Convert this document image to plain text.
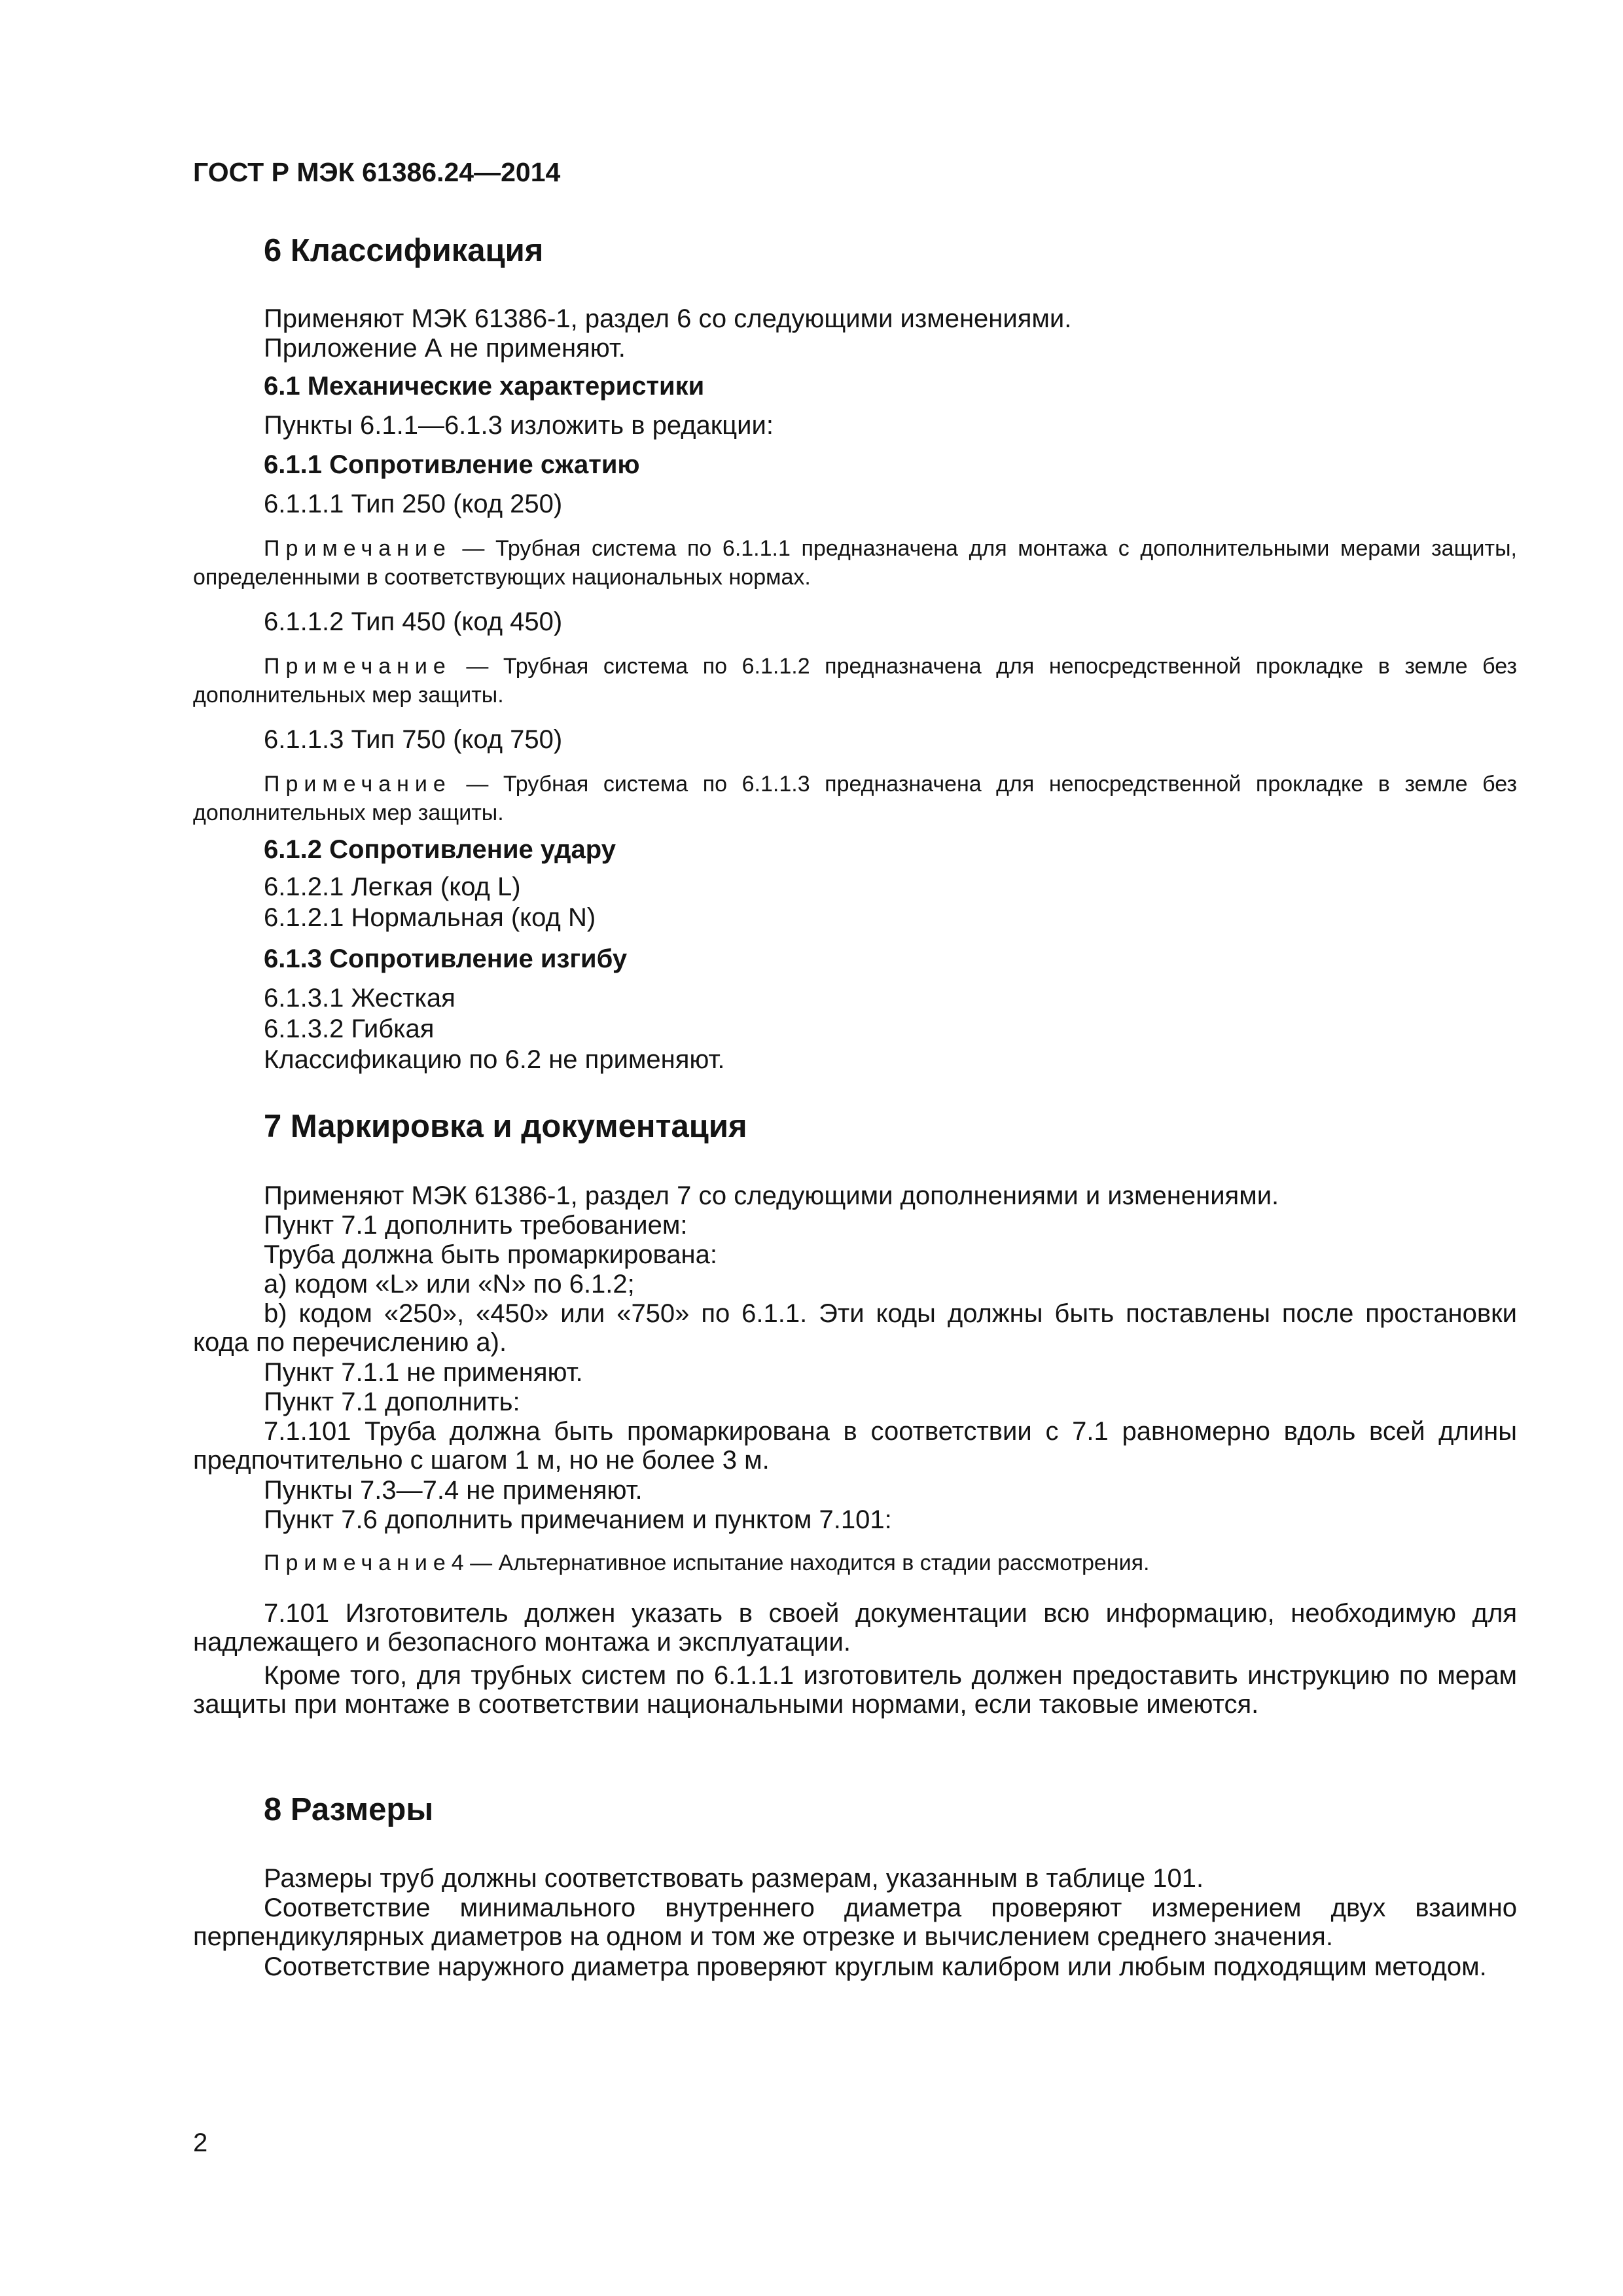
ГОСТ Р МЭК 61386.24—2014
6 Классификация
Применяют МЭК 61386-1, раздел 6 со следующими изменениями.
Приложение А не применяют.
6.1 Механические характеристики
Пункты 6.1.1—6.1.3 изложить в редакции:
6.1.1 Сопротивление сжатию
6.1.1.1 Тип 250 (код 250)
Примечание — Трубная система по 6.1.1.1 предназначена для монтажа с дополнительными мерами защиты, определенными в соответствующих национальных нормах.
6.1.1.2 Тип 450 (код 450)
Примечание — Трубная система по 6.1.1.2 предназначена для непосредственной прокладке в земле без дополнительных мер защиты.
6.1.1.3 Тип 750 (код 750)
Примечание — Трубная система по 6.1.1.3 предназначена для непосредственной прокладке в земле без дополнительных мер защиты.
6.1.2 Сопротивление удару
6.1.2.1 Легкая (код L)
6.1.2.1 Нормальная (код N)
6.1.3 Сопротивление изгибу
6.1.3.1 Жесткая
6.1.3.2 Гибкая
Классификацию по 6.2 не применяют.
7 Маркировка и документация
Применяют МЭК 61386-1, раздел 7 со следующими дополнениями и изменениями.
Пункт 7.1 дополнить требованием:
Труба должна быть промаркирована:
a) кодом «L» или «N» по 6.1.2;
b) кодом «250», «450» или «750» по 6.1.1. Эти коды должны быть поставлены после простановки кода по перечислению а).
Пункт 7.1.1 не применяют.
Пункт 7.1 дополнить:
7.1.101 Труба должна быть промаркирована в соответствии с 7.1 равномерно вдоль всей длины предпочтительно с шагом 1 м, но не более 3 м.
Пункты 7.3—7.4 не применяют.
Пункт 7.6 дополнить примечанием и пунктом 7.101:
Примечание4 — Альтернативное испытание находится в стадии рассмотрения.
7.101 Изготовитель должен указать в своей документации всю информацию, необходимую для надлежащего и безопасного монтажа и эксплуатации.
Кроме того, для трубных систем по 6.1.1.1 изготовитель должен предоставить инструкцию по мерам защиты при монтаже в соответствии национальными нормами, если таковые имеются.
8 Размеры
Размеры труб должны соответствовать размерам, указанным в таблице 101.
Соответствие минимального внутреннего диаметра проверяют измерением двух взаимно перпендикулярных диаметров на одном и том же отрезке и вычислением среднего значения.
Соответствие наружного диаметра проверяют круглым калибром или любым подходящим методом.
2
